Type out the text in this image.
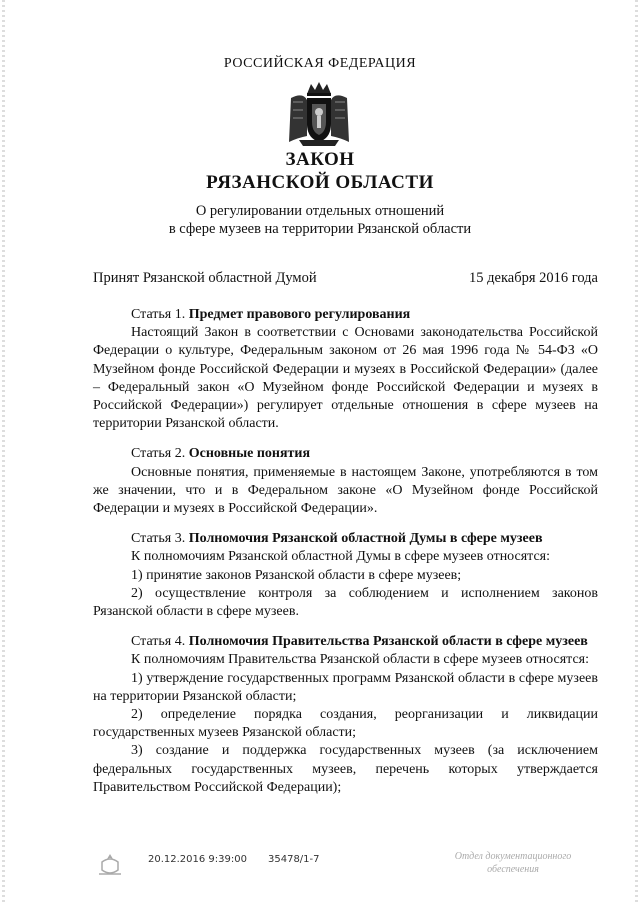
РОССИЙСКАЯ ФЕДЕРАЦИЯ
ЗАКОН
РЯЗАНСКОЙ ОБЛАСТИ
О регулировании отдельных отношений
в сфере музеев на территории Рязанской области
Принят Рязанской областной Думой	15 декабря 2016 года
Статья 1. Предмет правового регулирования

Настоящий Закон в соответствии с Основами законодательства Российской Федерации о культуре, Федеральным законом от 26 мая 1996 года № 54-ФЗ «О Музейном фонде Российской Федерации и музеях в Российской Федерации» (далее – Федеральный закон «О Музейном фонде Российской Федерации и музеях в Российской Федерации») регулирует отдельные отношения в сфере музеев на территории Рязанской области.

Статья 2. Основные понятия

Основные понятия, применяемые в настоящем Законе, употребляются в том же значении, что и в Федеральном законе «О Музейном фонде Российской Федерации и музеях в Российской Федерации».

Статья 3. Полномочия Рязанской областной Думы в сфере музеев

К полномочиям Рязанской областной Думы в сфере музеев относятся:

1) принятие законов Рязанской области в сфере музеев;

2) осуществление контроля за соблюдением и исполнением законов Рязанской области в сфере музеев.

Статья 4. Полномочия Правительства Рязанской области в сфере музеев

К полномочиям Правительства Рязанской области в сфере музеев относятся:

1) утверждение государственных программ Рязанской области в сфере музеев на территории Рязанской области;

2) определение порядка создания, реорганизации и ликвидации государственных музеев Рязанской области;

3) создание и поддержка государственных музеев (за исключением федеральных государственных музеев, перечень которых утверждается Правительством Российской Федерации);

20.12.2016 9:39:00 35478/1-7	Отдел документационного
обеспечения
